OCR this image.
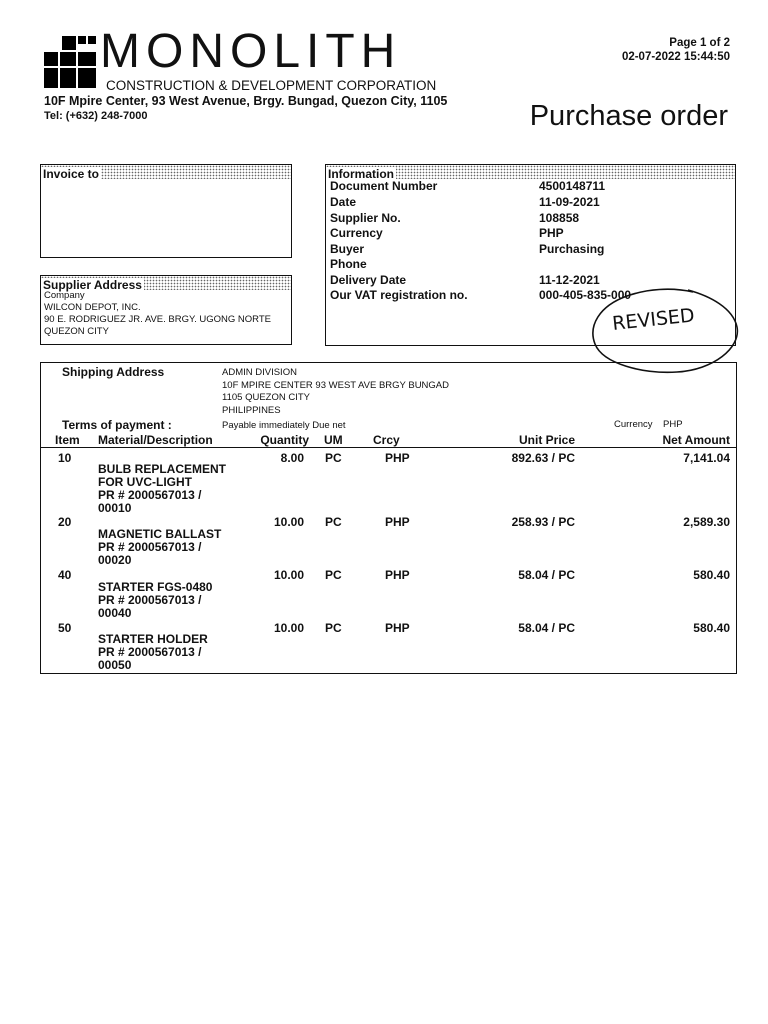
MONOLITH
CONSTRUCTION & DEVELOPMENT CORPORATION
10F Mpire Center, 93 West Avenue, Brgy. Bungad, Quezon City, 1105
Tel: (+632) 248-7000
Page 1 of 2
02-07-2022 15:44:50
Purchase order
Invoice to
Supplier Address
Company
WILCON DEPOT, INC.
90 E. RODRIGUEZ JR. AVE. BRGY. UGONG NORTE
QUEZON CITY
Information
Document Number	4500148711
Date	11-09-2021
Supplier No.	108858
Currency	PHP
Buyer	Purchasing
Phone
Delivery Date	11-12-2021
Our VAT registration no.	000-405-835-000
REVISED
Shipping Address	ADMIN DIVISION
10F MPIRE CENTER 93 WEST AVE BRGY BUNGAD
1105 QUEZON CITY
PHILIPPINES
Terms of payment :	Payable immediately Due net	Currency PHP
Item Material/Description	Quantity UM	Crcy	Unit Price	Net Amount
10	8.00 PC	PHP	892.63 / PC	7,141.04
BULB REPLACEMENT
FOR UVC-LIGHT
PR # 2000567013 /
00010
20	10.00 PC	PHP	258.93 / PC	2,589.30
MAGNETIC BALLAST
PR # 2000567013 /
00020
40	10.00 PC	PHP	58.04 / PC	580.40
STARTER FGS-0480
PR # 2000567013 /
00040
50	10.00 PC	PHP	58.04 / PC	580.40
STARTER HOLDER
PR # 2000567013 /
00050
